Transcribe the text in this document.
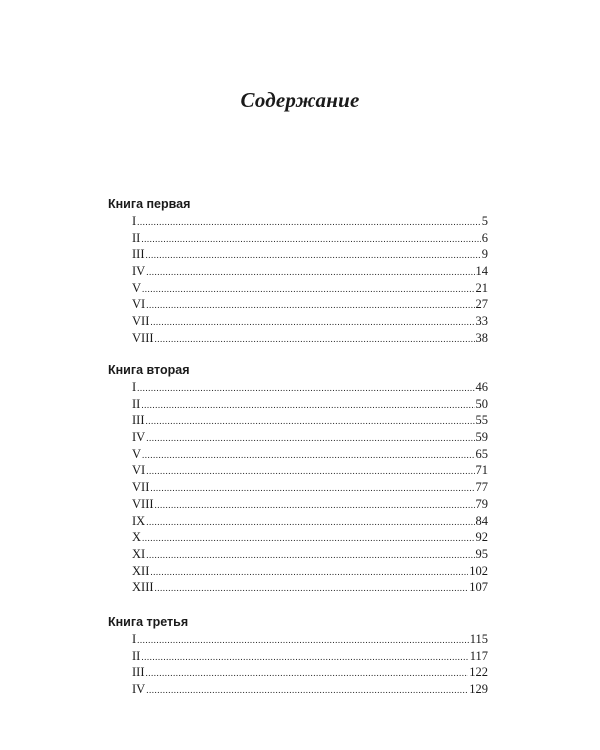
Содержание
Книга первая
I .....	5
II .....	6
III .....	9
IV .....	14
V .....	21
VI .....	27
VII .....	33
VIII .....	38
Книга вторая
I .....	46
II .....	50
III .....	55
IV .....	59
V .....	65
VI .....	71
VII .....	77
VIII .....	79
IX .....	84
X .....	92
XI .....	95
XII .....	102
XIII .....	107
Книга третья
I .....	115
II .....	117
III .....	122
IV .....	129
